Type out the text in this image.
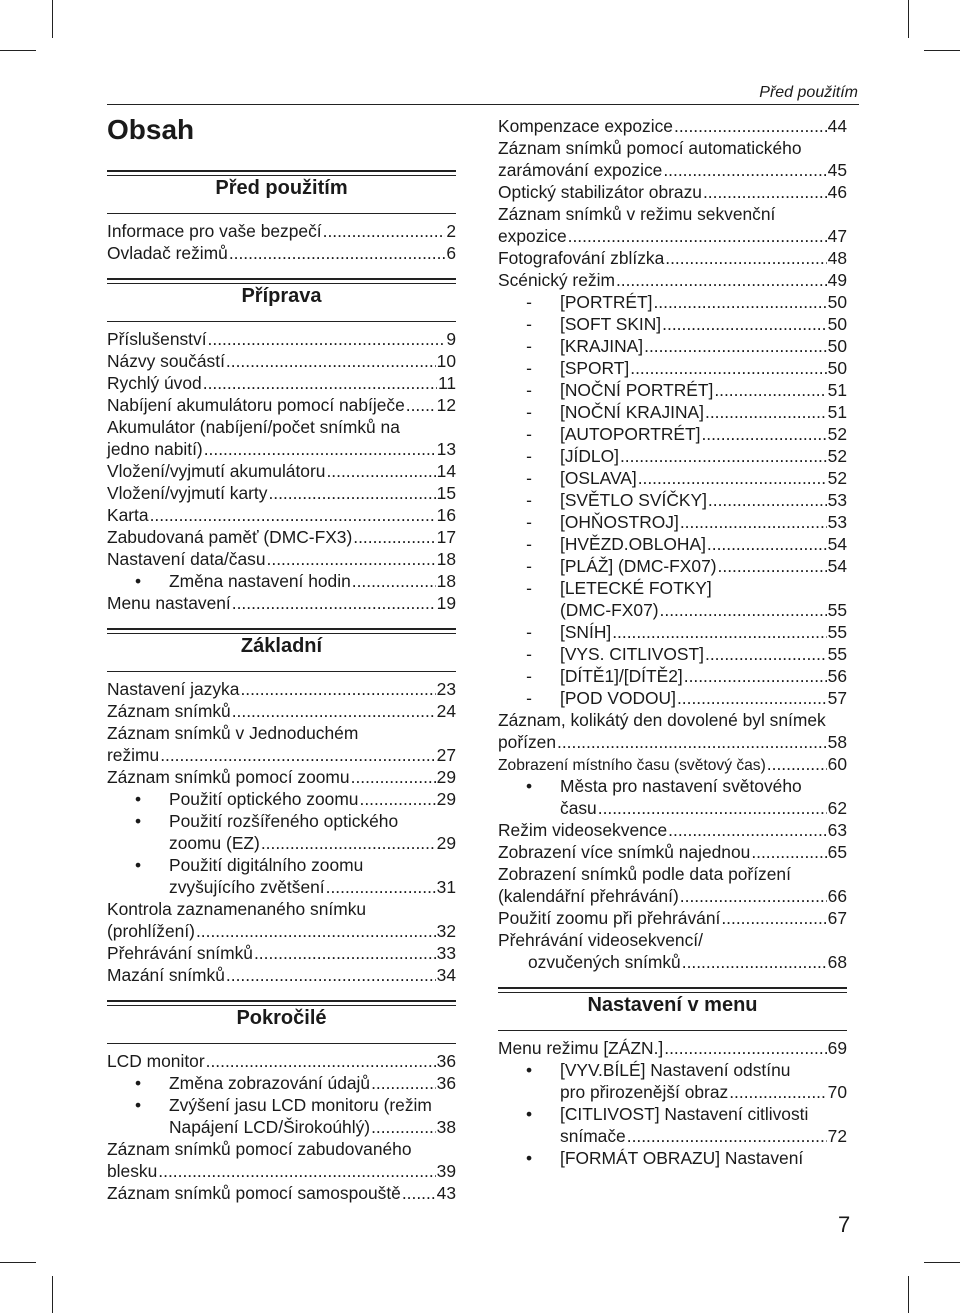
Před použitím
Obsah
Před použitím
Informace pro vaše bezpečí .....	2
Ovladač režimů .....	6
Příprava
Příslušenství .....	9
Názvy součástí .....	10
Rychlý úvod .....	11
Nabíjení akumulátoru pomocí nabíječe ..... 12
Akumulátor (nabíjení/počet snímků na
jedno nabití) .....	13
Vložení/vyjmutí akumulátoru .....	14
Vložení/vyjmutí karty .....	15
Karta .....	16
Zabudovaná paměť (DMC-FX3) .....	17
Nastavení data/času .....	18
•	Změna nastavení hodin .....	18
Menu nastavení .....	19
Základní
Nastavení jazyka .....	23
Záznam snímků .....	24
Záznam snímků v Jednoduchém
režimu .....	27
Záznam snímků pomocí zoomu .....	29
•	Použití optického zoomu .....	29
•	Použití rozšířeného optického
zoomu (EZ) .....	29
•	Použití digitálního zoomu
zvyšujícího zvětšení .....	31
Kontrola zaznamenaného snímku
(prohlížení) .....	32
Přehrávání snímků .....	33
Mazání snímků .....	34
Pokročilé
LCD monitor .....	36
•	Změna zobrazování údajů .....	36
•	Zvýšení jasu LCD monitoru (režim
Napájení LCD/Širokoúhlý) .....	38
Záznam snímků pomocí zabudovaného
blesku .....	39
Záznam snímků pomocí samospouště ..... 43
Kompenzace expozice .....	44
Záznam snímků pomocí automatického
zarámování expozice .....	45
Optický stabilizátor obrazu .....	46
Záznam snímků v režimu sekvenční
expozice .....	47
Fotografování zblízka .....	48
Scénický režim .....	49
-	[PORTRÉT] .....	50
-	[SOFT SKIN] .....	50
-	[KRAJINA] .....	50
-	[SPORT] .....	50
-	[NOČNÍ PORTRÉT] .....	51
-	[NOČNÍ KRAJINA] .....	51
-	[AUTOPORTRÉT] .....	52
-	[JÍDLO] .....	52
-	[OSLAVA] .....	52
-	[SVĚTLO SVÍČKY] .....	53
-	[OHŇOSTROJ] .....	53
-	[HVĚZD.OBLOHA] .....	54
-	[PLÁŽ] (DMC-FX07) .....	54
-	[LETECKÉ FOTKY]
(DMC-FX07) .....	55
-	[SNÍH] .....	55
-	[VYS. CITLIVOST] .....	55
-	[DÍTĚ1]/[DÍTĚ2] .....	56
-	[POD VODOU] .....	57
Záznam, kolikátý den dovolené byl snímek
pořízen .....	58
Zobrazení místního času (světový čas) .....	60
•	Města pro nastavení světového
času .....	62
Režim videosekvence .....	63
Zobrazení více snímků najednou .....	65
Zobrazení snímků podle data pořízení
(kalendářní přehrávání) .....	66
Použití zoomu při přehrávání .....	67
Přehrávání videosekvencí/
ozvučených snímků .....	68
Nastavení v menu
Menu režimu [ZÁZN.] .....	69
•	[VYV.BÍLÉ] Nastavení odstínu
pro přirozenější obraz .....	70
•	[CITLIVOST] Nastavení citlivosti
snímače .....	72
•	[FORMÁT OBRAZU] Nastavení
7
